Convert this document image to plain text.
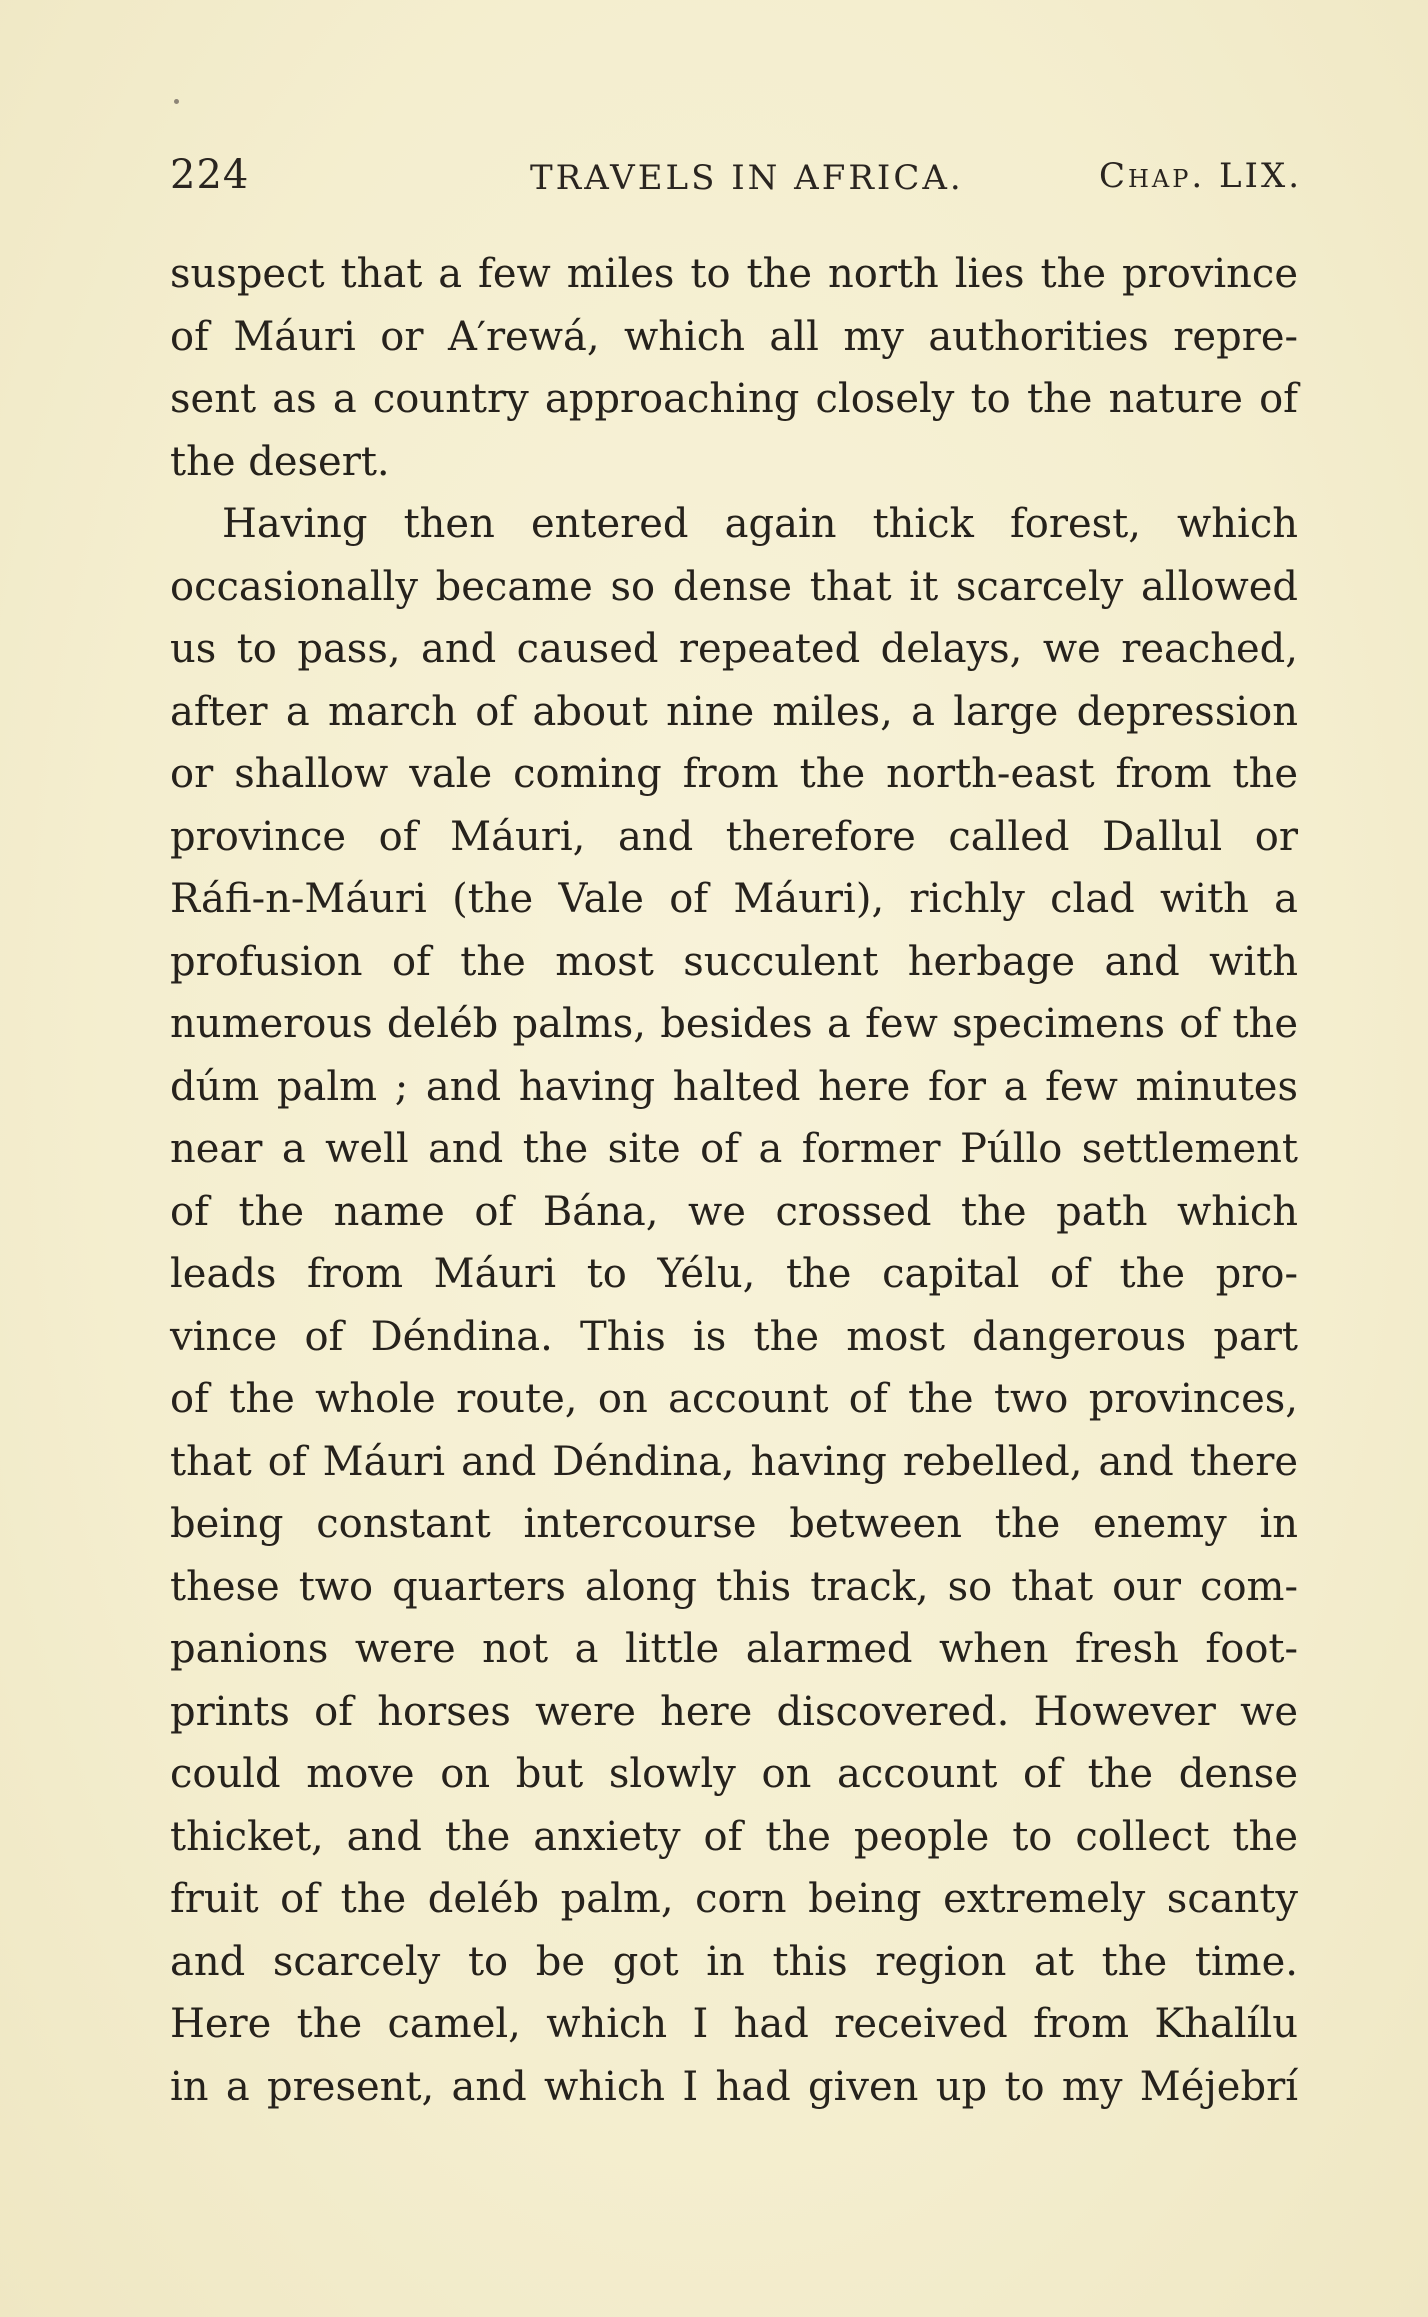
224	TRAVELS IN AFRICA.	Chap. LIX.
suspect that a few miles to the north lies the province
of Máuri or A′rewá, which all my authorities repre-
sent as a country approaching closely to the nature of
the desert.
Having then entered again thick forest, which
occasionally became so dense that it scarcely allowed
us to pass, and caused repeated delays, we reached,
after a march of about nine miles, a large depression
or shallow vale coming from the north-east from the
province of Máuri, and therefore called Dallul or
Ráfi-n-Máuri (the Vale of Máuri), richly clad with a
profusion of the most succulent herbage and with
numerous deléb palms, besides a few specimens of the
dúm palm ; and having halted here for a few minutes
near a well and the site of a former Púllo settlement
of the name of Bána, we crossed the path which
leads from Máuri to Yélu, the capital of the pro-
vince of Déndina. This is the most dangerous part
of the whole route, on account of the two provinces,
that of Máuri and Déndina, having rebelled, and there
being constant intercourse between the enemy in
these two quarters along this track, so that our com-
panions were not a little alarmed when fresh foot-
prints of horses were here discovered. However we
could move on but slowly on account of the dense
thicket, and the anxiety of the people to collect the
fruit of the deléb palm, corn being extremely scanty
and scarcely to be got in this region at the time.
Here the camel, which I had received from Khalílu
in a present, and which I had given up to my Méjebrí
